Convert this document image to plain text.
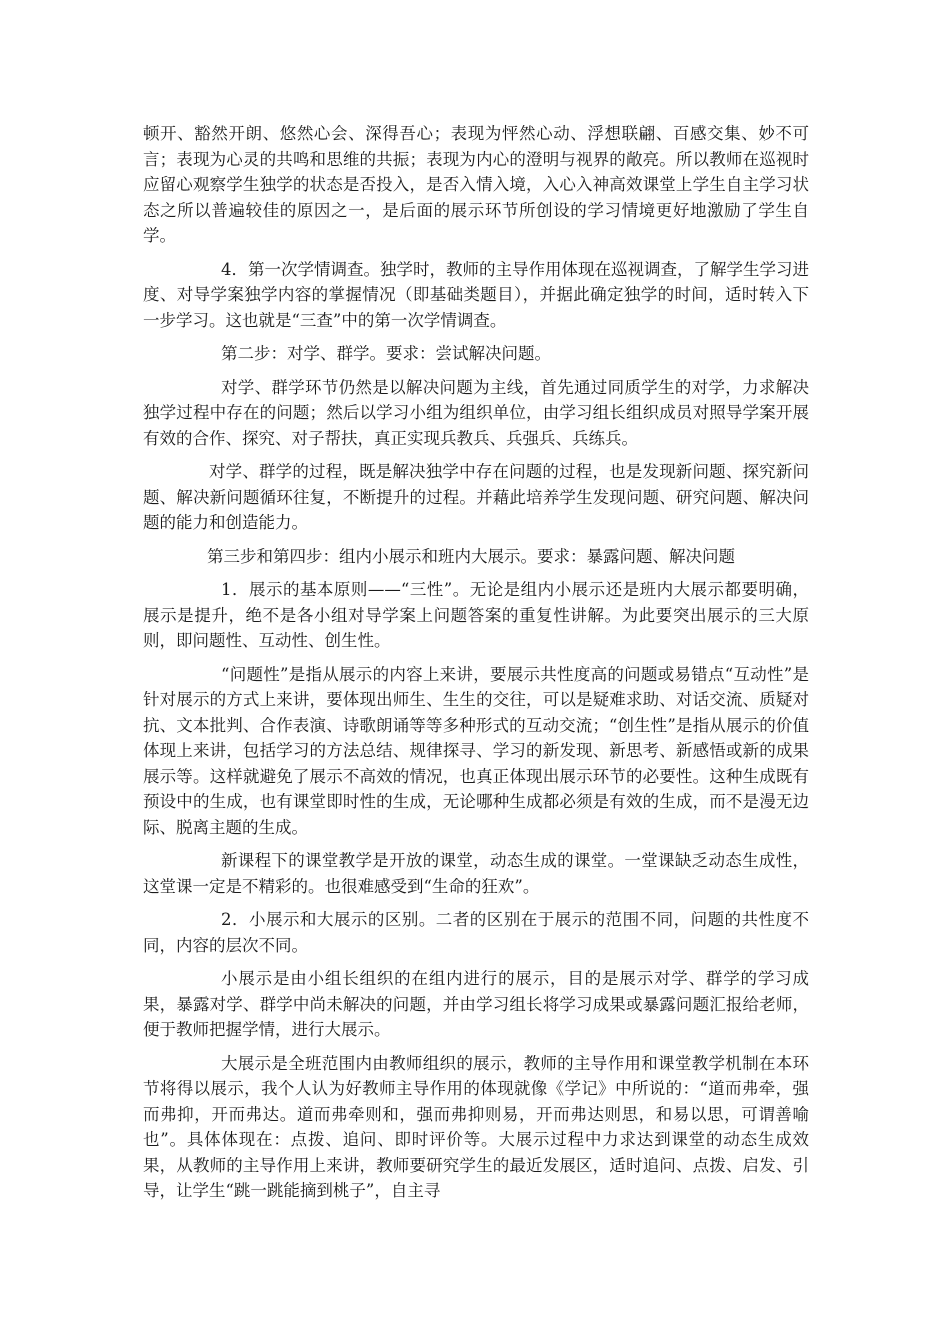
顿开、豁然开朗、悠然心会、深得吾心；表现为怦然心动、浮想联翩、百感交集、妙不可言；表现为心灵的共鸣和思维的共振；表现为内心的澄明与视界的敞亮。所以教师在巡视时应留心观察学生独学的状态是否投入，是否入情入境，入心入神高效课堂上学生自主学习状态之所以普遍较佳的原因之一，是后面的展示环节所创设的学习情境更好地激励了学生自学。

4．第一次学情调查。独学时，教师的主导作用体现在巡视调查，了解学生学习进度、对导学案独学内容的掌握情况（即基础类题目），并据此确定独学的时间，适时转入下一步学习。这也就是“三查”中的第一次学情调查。

第二步：对学、群学。要求：尝试解决问题。

对学、群学环节仍然是以解决问题为主线，首先通过同质学生的对学，力求解决独学过程中存在的问题；然后以学习小组为组织单位，由学习组长组织成员对照导学案开展有效的合作、探究、对子帮扶，真正实现兵教兵、兵强兵、兵练兵。

对学、群学的过程，既是解决独学中存在问题的过程，也是发现新问题、探究新问题、解决新问题循环往复，不断提升的过程。并藉此培养学生发现问题、研究问题、解决问题的能力和创造能力。

第三步和第四步：组内小展示和班内大展示。要求：暴露问题、解决问题

1．展示的基本原则——“三性”。无论是组内小展示还是班内大展示都要明确，展示是提升，绝不是各小组对导学案上问题答案的重复性讲解。为此要突出展示的三大原则，即问题性、互动性、创生性。

“问题性”是指从展示的内容上来讲，要展示共性度高的问题或易错点“互动性”是针对展示的方式上来讲，要体现出师生、生生的交往，可以是疑难求助、对话交流、质疑对抗、文本批判、合作表演、诗歌朗诵等等多种形式的互动交流；“创生性”是指从展示的价值体现上来讲，包括学习的方法总结、规律探寻、学习的新发现、新思考、新感悟或新的成果展示等。这样就避免了展示不高效的情况，也真正体现出展示环节的必要性。这种生成既有预设中的生成，也有课堂即时性的生成，无论哪种生成都必须是有效的生成，而不是漫无边际、脱离主题的生成。

新课程下的课堂教学是开放的课堂，动态生成的课堂。一堂课缺乏动态生成性，这堂课一定是不精彩的。也很难感受到“生命的狂欢”。

2．小展示和大展示的区别。二者的区别在于展示的范围不同，问题的共性度不同，内容的层次不同。

小展示是由小组长组织的在组内进行的展示，目的是展示对学、群学的学习成果，暴露对学、群学中尚未解决的问题，并由学习组长将学习成果或暴露问题汇报给老师，便于教师把握学情，进行大展示。

大展示是全班范围内由教师组织的展示，教师的主导作用和课堂教学机制在本环节将得以展示，我个人认为好教师主导作用的体现就像《学记》中所说的：“道而弗牵，强而弗抑，开而弗达。道而弗牵则和，强而弗抑则易，开而弗达则思，和易以思，可谓善喻也”。具体体现在：点拨、追问、即时评价等。大展示过程中力求达到课堂的动态生成效果，从教师的主导作用上来讲，教师要研究学生的最近发展区，适时追问、点拨、启发、引导，让学生“跳一跳能摘到桃子”，自主寻
